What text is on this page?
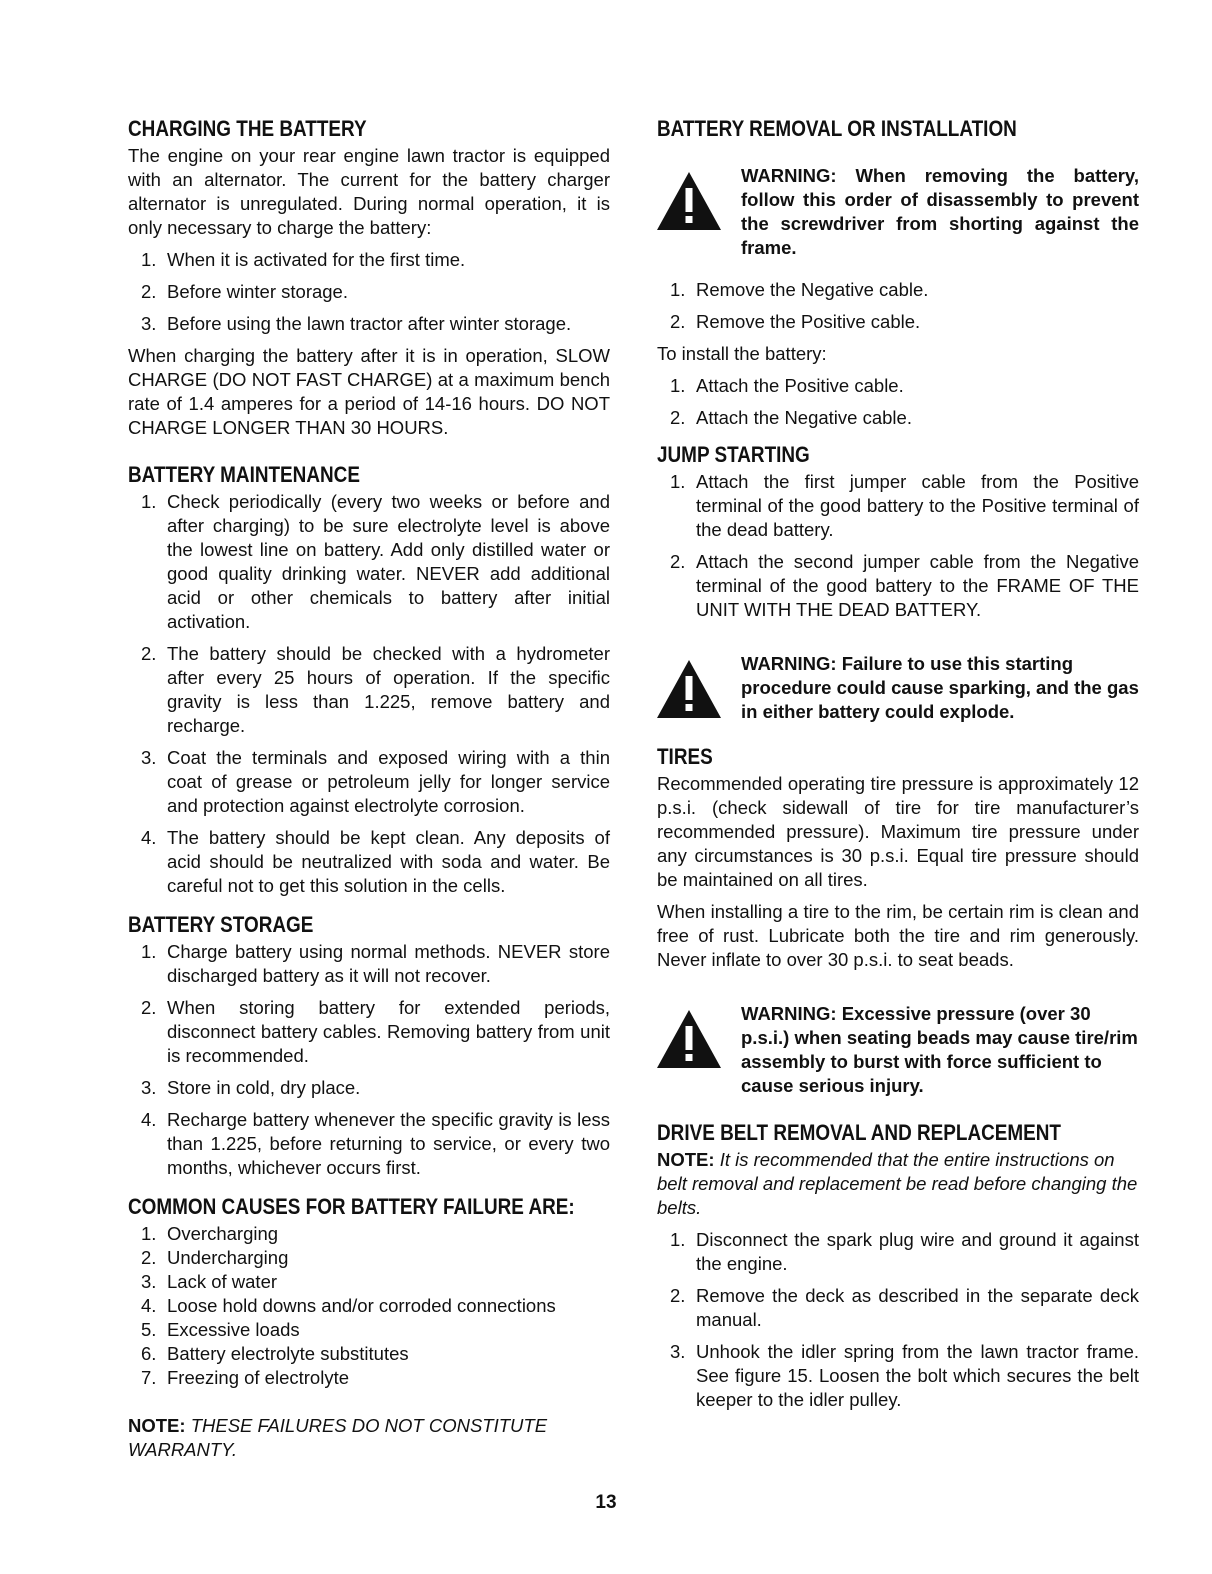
CHARGING THE BATTERY

The engine on your rear engine lawn tractor is equipped with an alternator. The current for the battery charger alternator is unregulated. During normal operation, it is only necessary to charge the battery:

1. When it is activated for the first time.
2. Before winter storage.
3. Before using the lawn tractor after winter storage.

When charging the battery after it is in operation, SLOW CHARGE (DO NOT FAST CHARGE) at a maximum bench rate of 1.4 amperes for a period of 14-16 hours. DO NOT CHARGE LONGER THAN 30 HOURS.

BATTERY MAINTENANCE
1. Check periodically (every two weeks or before and after charging) to be sure electrolyte level is above the lowest line on battery. Add only distilled water or good quality drinking water. NEVER add additional acid or other chemicals to battery after initial activation.
2. The battery should be checked with a hydrometer after every 25 hours of operation. If the specific gravity is less than 1.225, remove battery and recharge.
3. Coat the terminals and exposed wiring with a thin coat of grease or petroleum jelly for longer service and protection against electrolyte corrosion.
4. The battery should be kept clean. Any deposits of acid should be neutralized with soda and water. Be careful not to get this solution in the cells.
BATTERY STORAGE
1. Charge battery using normal methods. NEVER store discharged battery as it will not recover.
2. When storing battery for extended periods, disconnect battery cables. Removing battery from unit is recommended.
3. Store in cold, dry place.
4. Recharge battery whenever the specific gravity is less than 1.225, before returning to service, or every two months, whichever occurs first.
COMMON CAUSES FOR BATTERY FAILURE ARE:
1. Overcharging
2. Undercharging
3. Lack of water
4. Loose hold downs and/or corroded connections
5. Excessive loads
6. Battery electrolyte substitutes
7. Freezing of electrolyte

NOTE: THESE FAILURES DO NOT CONSTITUTE WARRANTY.

BATTERY REMOVAL OR INSTALLATION
WARNING: When removing the battery, follow this order of disassembly to prevent the screwdriver from shorting against the frame.
1. Remove the Negative cable.
2. Remove the Positive cable.

To install the battery:

1. Attach the Positive cable.
2. Attach the Negative cable.
JUMP STARTING
1. Attach the first jumper cable from the Positive terminal of the good battery to the Positive terminal of the dead battery.
2. Attach the second jumper cable from the Negative terminal of the good battery to the FRAME OF THE UNIT WITH THE DEAD BATTERY.
WARNING: Failure to use this starting procedure could cause sparking, and the gas in either battery could explode.
TIRES

Recommended operating tire pressure is approximately 12 p.s.i. (check sidewall of tire for tire manufacturer’s recommended pressure). Maximum tire pressure under any circumstances is 30 p.s.i. Equal tire pressure should be maintained on all tires.

When installing a tire to the rim, be certain rim is clean and free of rust. Lubricate both the tire and rim generously. Never inflate to over 30 p.s.i. to seat beads.

WARNING: Excessive pressure (over 30 p.s.i.) when seating beads may cause tire/rim assembly to burst with force sufficient to cause serious injury.
DRIVE BELT REMOVAL AND REPLACEMENT

NOTE: It is recommended that the entire instructions on belt removal and replacement be read before changing the belts.

1. Disconnect the spark plug wire and ground it against the engine.
2. Remove the deck as described in the separate deck manual.
3. Unhook the idler spring from the lawn tractor frame. See figure 15. Loosen the bolt which secures the belt keeper to the idler pulley.
13
